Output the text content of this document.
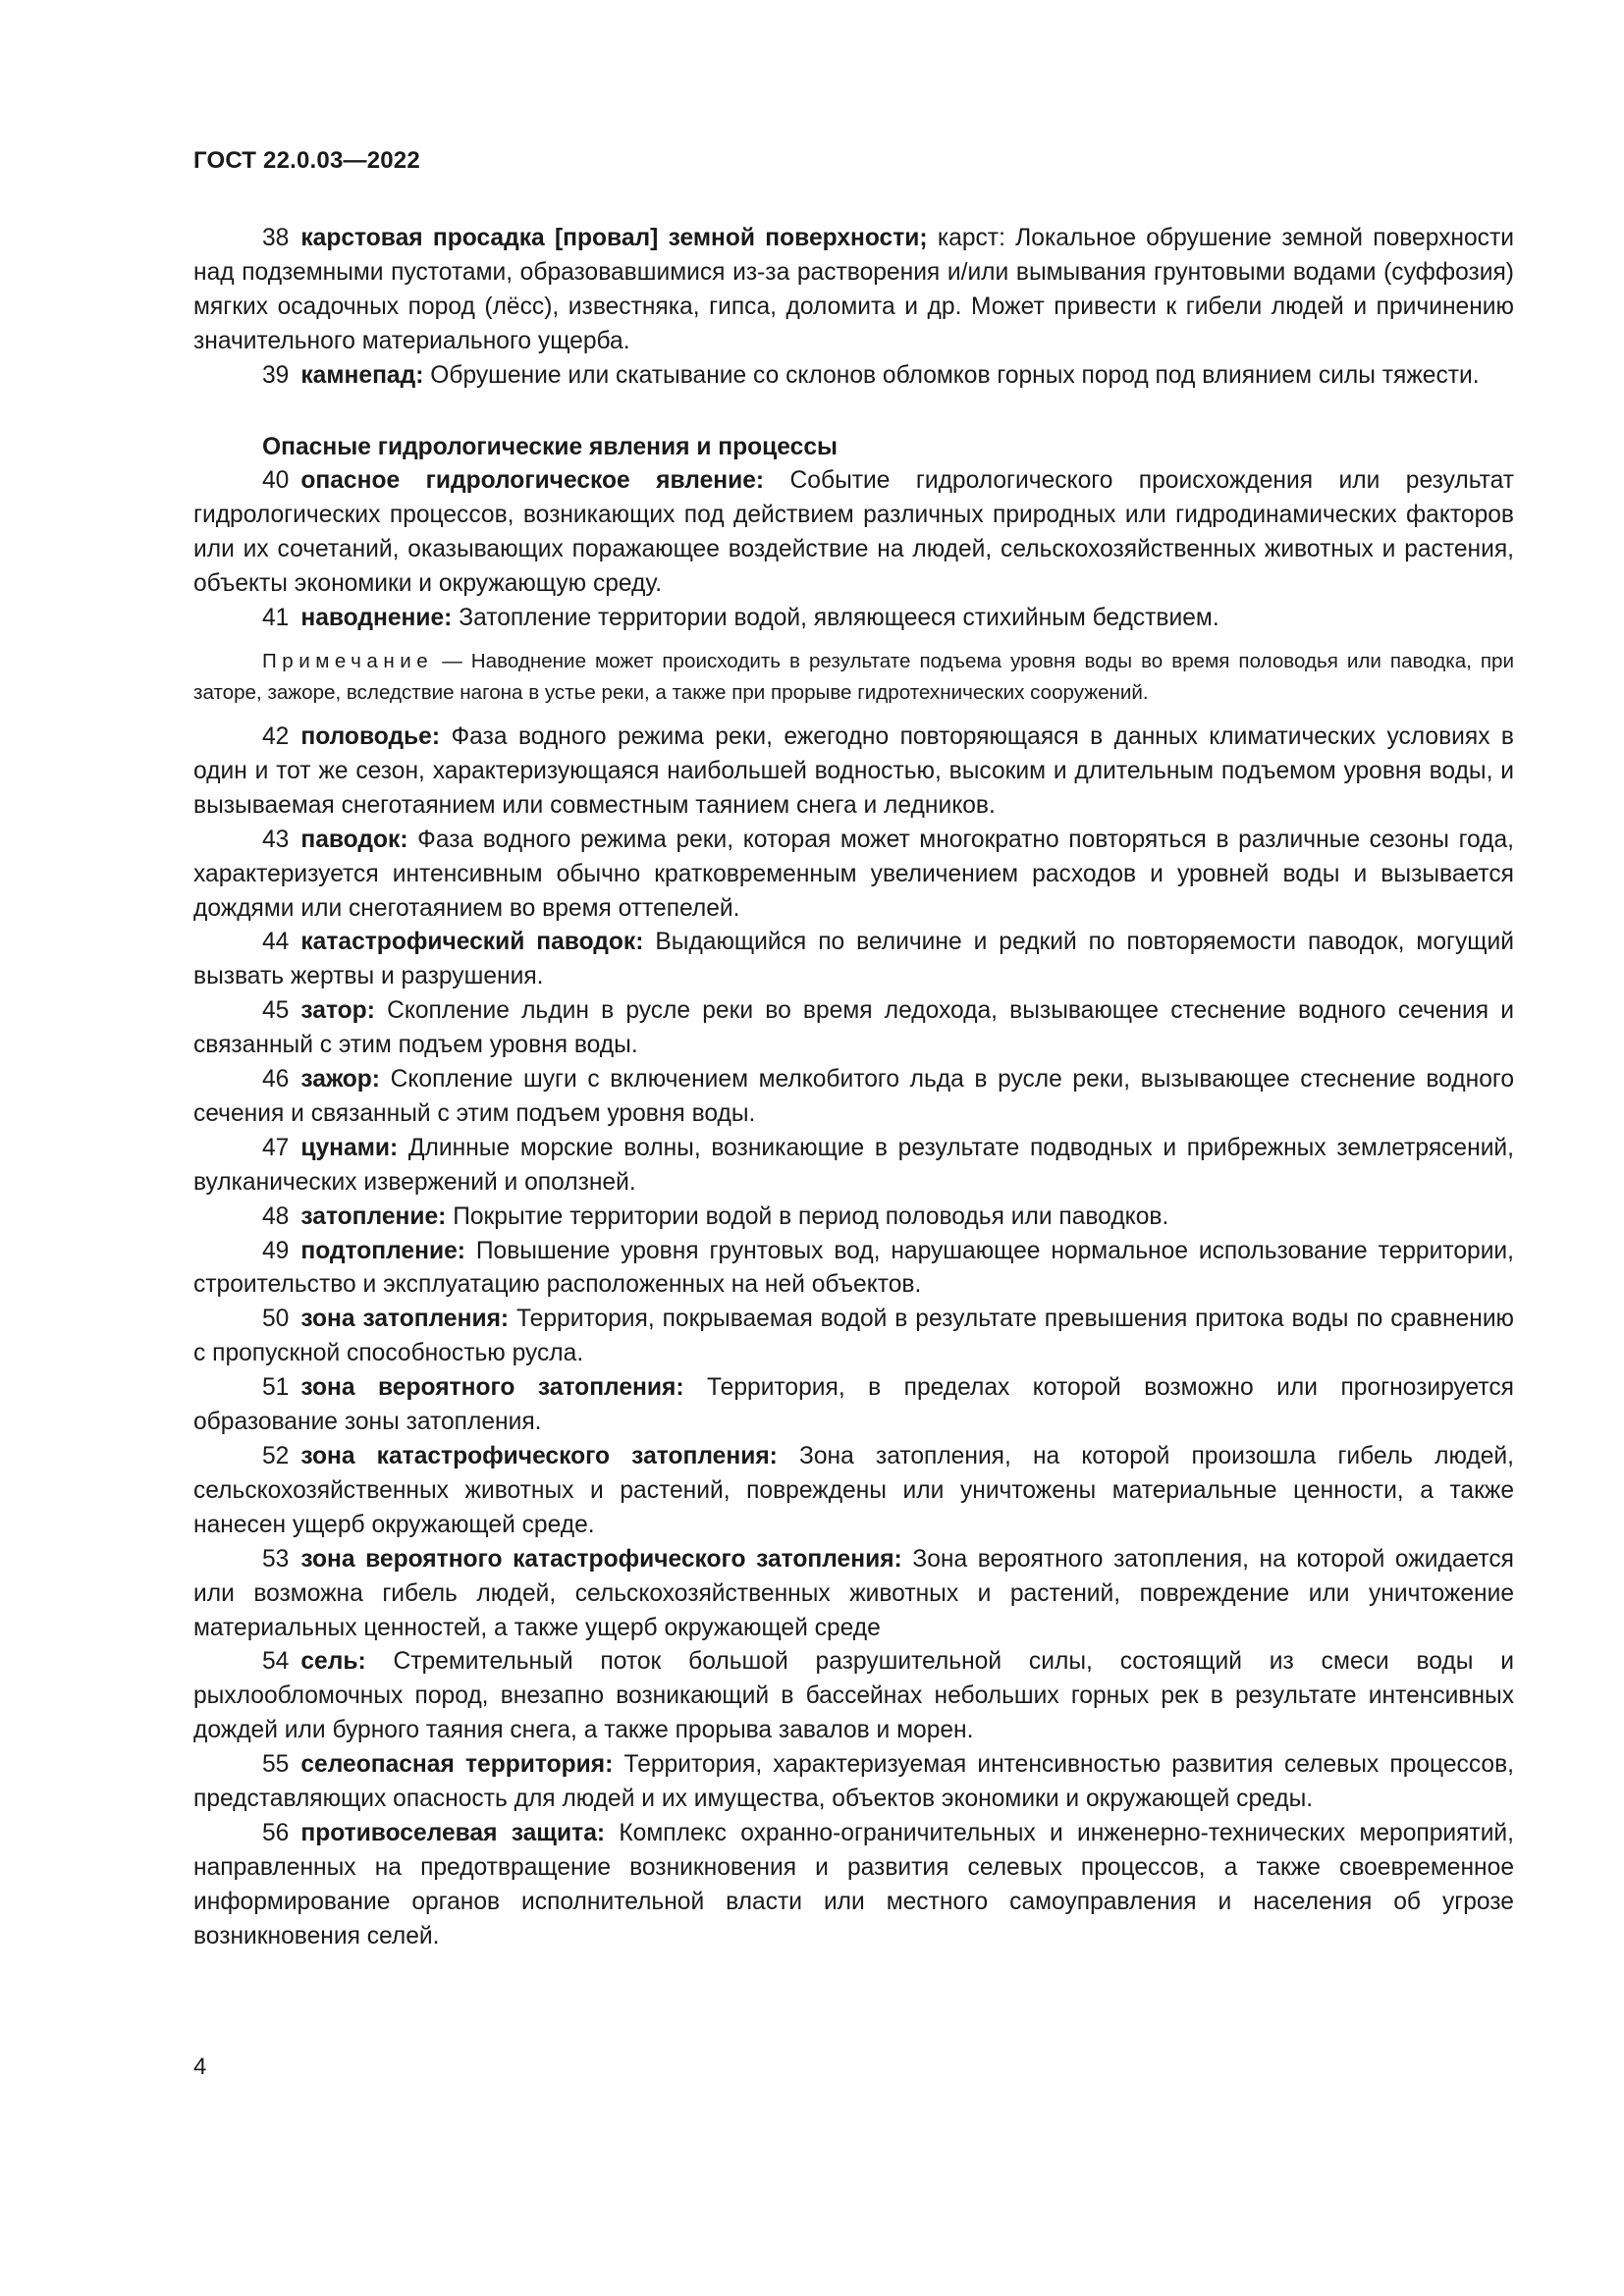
ГОСТ 22.0.03—2022

38 карстовая просадка [провал] земной поверхности; карст: Локальное обрушение земной поверхности над подземными пустотами, образовавшимися из-за растворения и/или вымывания грунтовыми водами (суффозия) мягких осадочных пород (лёсс), известняка, гипса, доломита и др. Может привести к гибели людей и причинению значительного материального ущерба.

39 камнепад: Обрушение или скатывание со склонов обломков горных пород под влиянием силы тяжести.

Опасные гидрологические явления и процессы

40 опасное гидрологическое явление: Событие гидрологического происхождения или результат гидрологических процессов, возникающих под действием различных природных или гидродинамических факторов или их сочетаний, оказывающих поражающее воздействие на людей, сельскохозяйственных животных и растения, объекты экономики и окружающую среду.

41 наводнение: Затопление территории водой, являющееся стихийным бедствием.

Примечание — Наводнение может происходить в результате подъема уровня воды во время половодья или паводка, при заторе, зажоре, вследствие нагона в устье реки, а также при прорыве гидротехнических сооружений.

42 половодье: Фаза водного режима реки, ежегодно повторяющаяся в данных климатических условиях в один и тот же сезон, характеризующаяся наибольшей водностью, высоким и длительным подъемом уровня воды, и вызываемая снеготаянием или совместным таянием снега и ледников.

43 паводок: Фаза водного режима реки, которая может многократно повторяться в различные сезоны года, характеризуется интенсивным обычно кратковременным увеличением расходов и уровней воды и вызывается дождями или снеготаянием во время оттепелей.

44 катастрофический паводок: Выдающийся по величине и редкий по повторяемости паводок, могущий вызвать жертвы и разрушения.

45 затор: Скопление льдин в русле реки во время ледохода, вызывающее стеснение водного сечения и связанный с этим подъем уровня воды.

46 зажор: Скопление шуги с включением мелкобитого льда в русле реки, вызывающее стеснение водного сечения и связанный с этим подъем уровня воды.

47 цунами: Длинные морские волны, возникающие в результате подводных и прибрежных землетрясений, вулканических извержений и оползней.

48 затопление: Покрытие территории водой в период половодья или паводков.

49 подтопление: Повышение уровня грунтовых вод, нарушающее нормальное использование территории, строительство и эксплуатацию расположенных на ней объектов.

50 зона затопления: Территория, покрываемая водой в результате превышения притока воды по сравнению с пропускной способностью русла.

51 зона вероятного затопления: Территория, в пределах которой возможно или прогнозируется образование зоны затопления.

52 зона катастрофического затопления: Зона затопления, на которой произошла гибель людей, сельскохозяйственных животных и растений, повреждены или уничтожены материальные ценности, а также нанесен ущерб окружающей среде.

53 зона вероятного катастрофического затопления: Зона вероятного затопления, на которой ожидается или возможна гибель людей, сельскохозяйственных животных и растений, повреждение или уничтожение материальных ценностей, а также ущерб окружающей среде

54 сель: Стремительный поток большой разрушительной силы, состоящий из смеси воды и рыхлообломочных пород, внезапно возникающий в бассейнах небольших горных рек в результате интенсивных дождей или бурного таяния снега, а также прорыва завалов и морен.

55 селеопасная территория: Территория, характеризуемая интенсивностью развития селевых процессов, представляющих опасность для людей и их имущества, объектов экономики и окружающей среды.

56 противоселевая защита: Комплекс охранно-ограничительных и инженерно-технических мероприятий, направленных на предотвращение возникновения и развития селевых процессов, а также своевременное информирование органов исполнительной власти или местного самоуправления и населения об угрозе возникновения селей.

4
